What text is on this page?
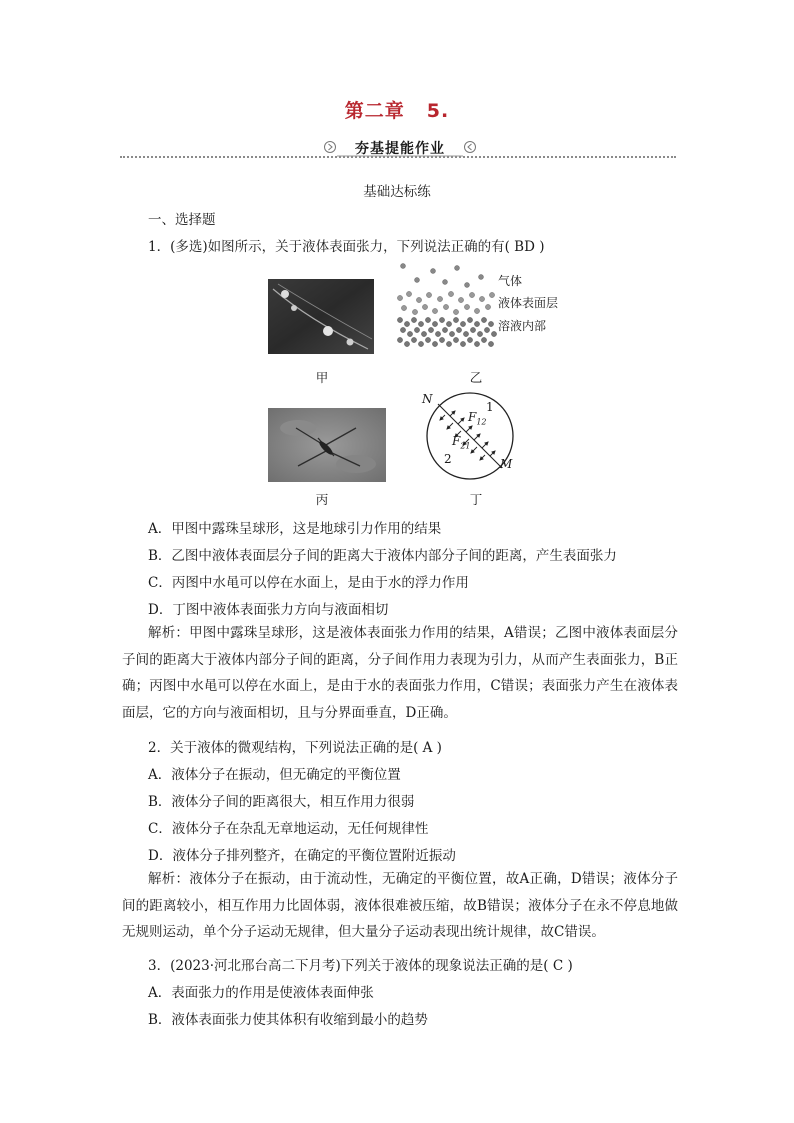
第二章 5.
夯基提能作业
基础达标练
一、选择题
1．(多选)如图所示，关于液体表面张力，下列说法正确的有( BD )
气体
液体表面层
溶液内部
甲	乙
N
1
$F_{12}$
$F_{21}$
2	M
丙	丁
A．甲图中露珠呈球形，这是地球引力作用的结果
B．乙图中液体表面层分子间的距离大于液体内部分子间的距离，产生表面张力
C．丙图中水黾可以停在水面上，是由于水的浮力作用
D．丁图中液体表面张力方向与液面相切
解析：甲图中露珠呈球形，这是液体表面张力作用的结果，A错误；乙图中液体表面层分子间的距离大于液体内部分子间的距离，分子间作用力表现为引力，从而产生表面张力，B正确；丙图中水黾可以停在水面上，是由于水的表面张力作用，C错误；表面张力产生在液体表面层，它的方向与液面相切，且与分界面垂直，D正确。
2．关于液体的微观结构，下列说法正确的是( A )
A．液体分子在振动，但无确定的平衡位置
B．液体分子间的距离很大，相互作用力很弱
C．液体分子在杂乱无章地运动，无任何规律性
D．液体分子排列整齐，在确定的平衡位置附近振动
解析：液体分子在振动，由于流动性，无确定的平衡位置，故A正确，D错误；液体分子间的距离较小，相互作用力比固体弱，液体很难被压缩，故B错误；液体分子在永不停息地做无规则运动，单个分子运动无规律，但大量分子运动表现出统计规律，故C错误。
3．(2023·河北邢台高二下月考)下列关于液体的现象说法正确的是( C )
A．表面张力的作用是使液体表面伸张
B．液体表面张力使其体积有收缩到最小的趋势
